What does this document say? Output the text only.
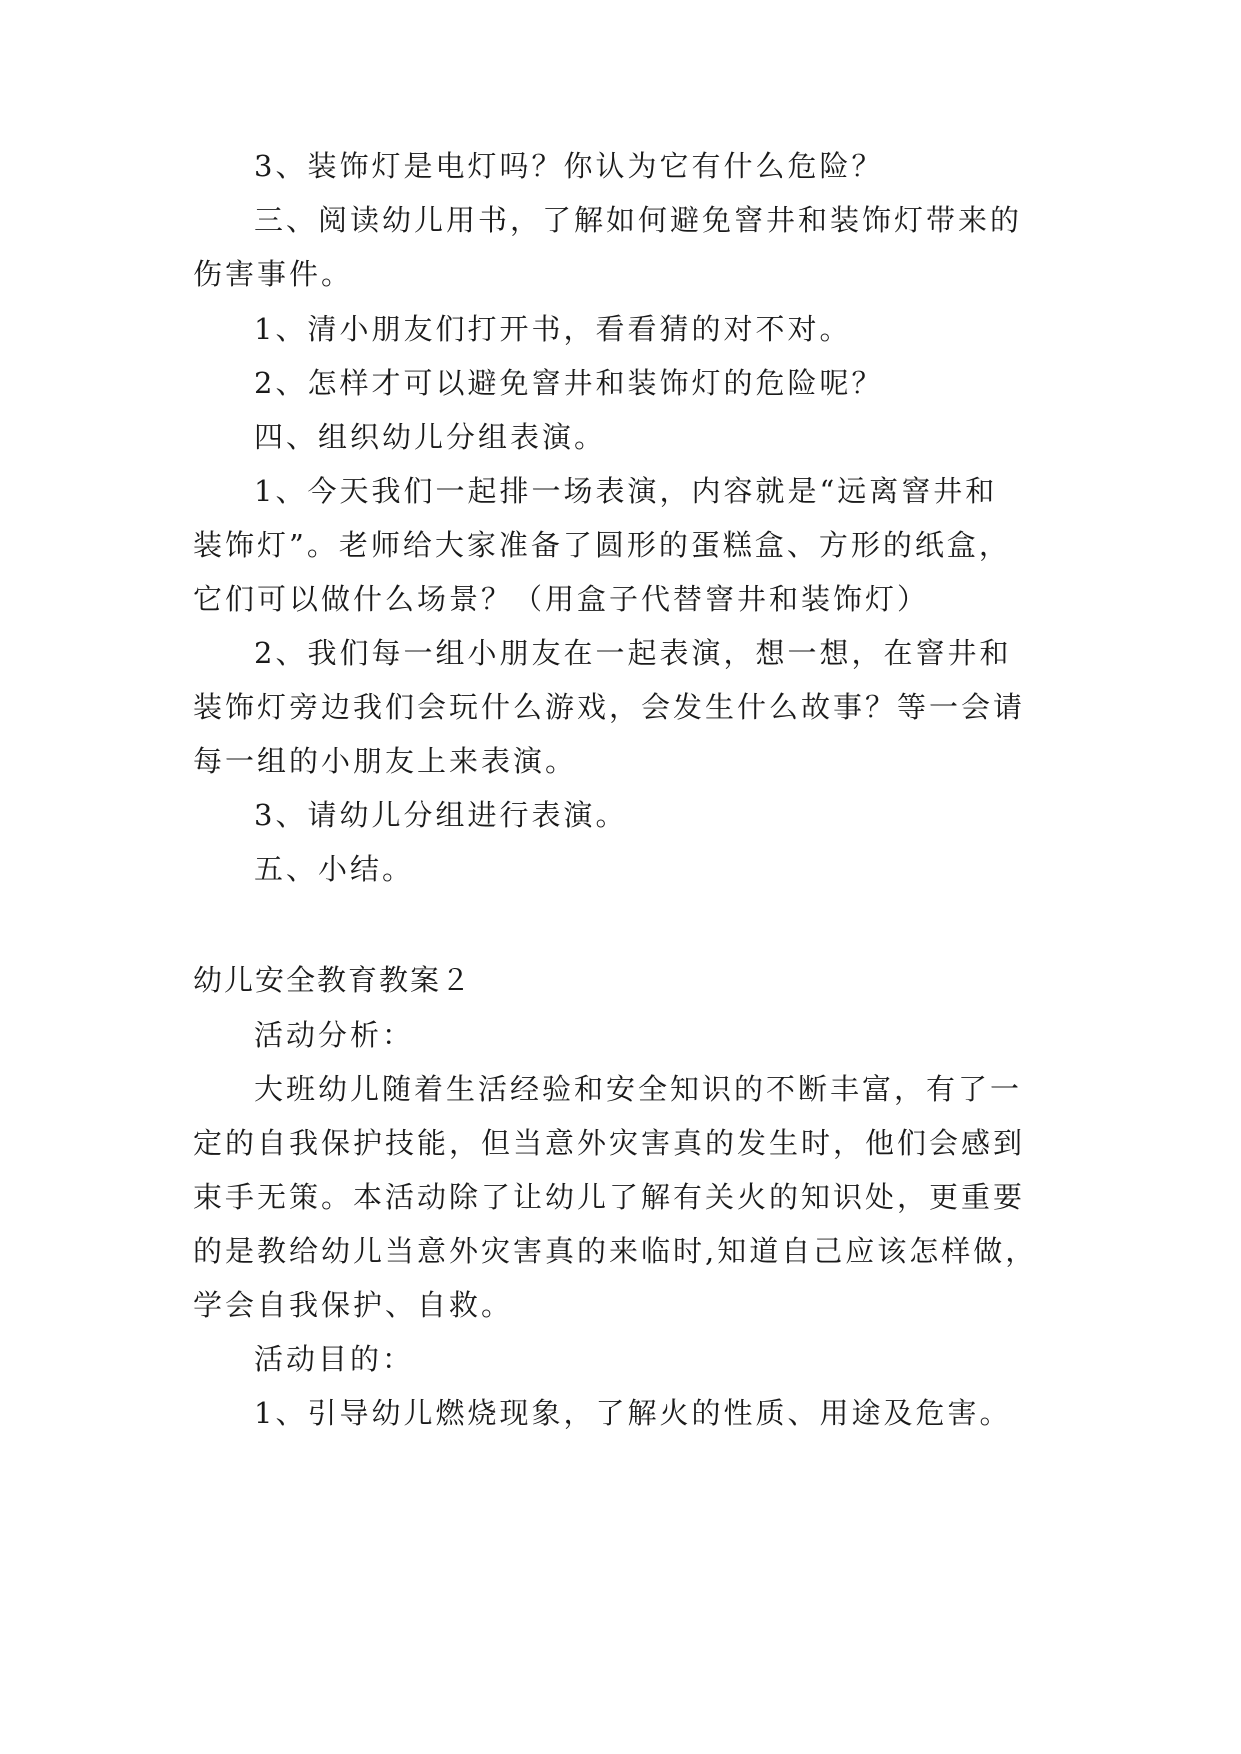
3、装饰灯是电灯吗？你认为它有什么危险？
三、阅读幼儿用书，了解如何避免窨井和装饰灯带来的
伤害事件。
1、清小朋友们打开书，看看猜的对不对。
2、怎样才可以避免窨井和装饰灯的危险呢？
四、组织幼儿分组表演。
1、今天我们一起排一场表演，内容就是“远离窨井和
装饰灯”。老师给大家准备了圆形的蛋糕盒、方形的纸盒，
它们可以做什么场景？（用盒子代替窨井和装饰灯）
2、我们每一组小朋友在一起表演，想一想，在窨井和
装饰灯旁边我们会玩什么游戏，会发生什么故事？等一会请
每一组的小朋友上来表演。
3、请幼儿分组进行表演。
五、小结。
幼儿安全教育教案２
活动分析：
大班幼儿随着生活经验和安全知识的不断丰富，有了一
定的自我保护技能，但当意外灾害真的发生时，他们会感到
束手无策。本活动除了让幼儿了解有关火的知识处，更重要
的是教给幼儿当意外灾害真的来临时,知道自己应该怎样做，
学会自我保护、自救。
活动目的：
1、引导幼儿燃烧现象，了解火的性质、用途及危害。
